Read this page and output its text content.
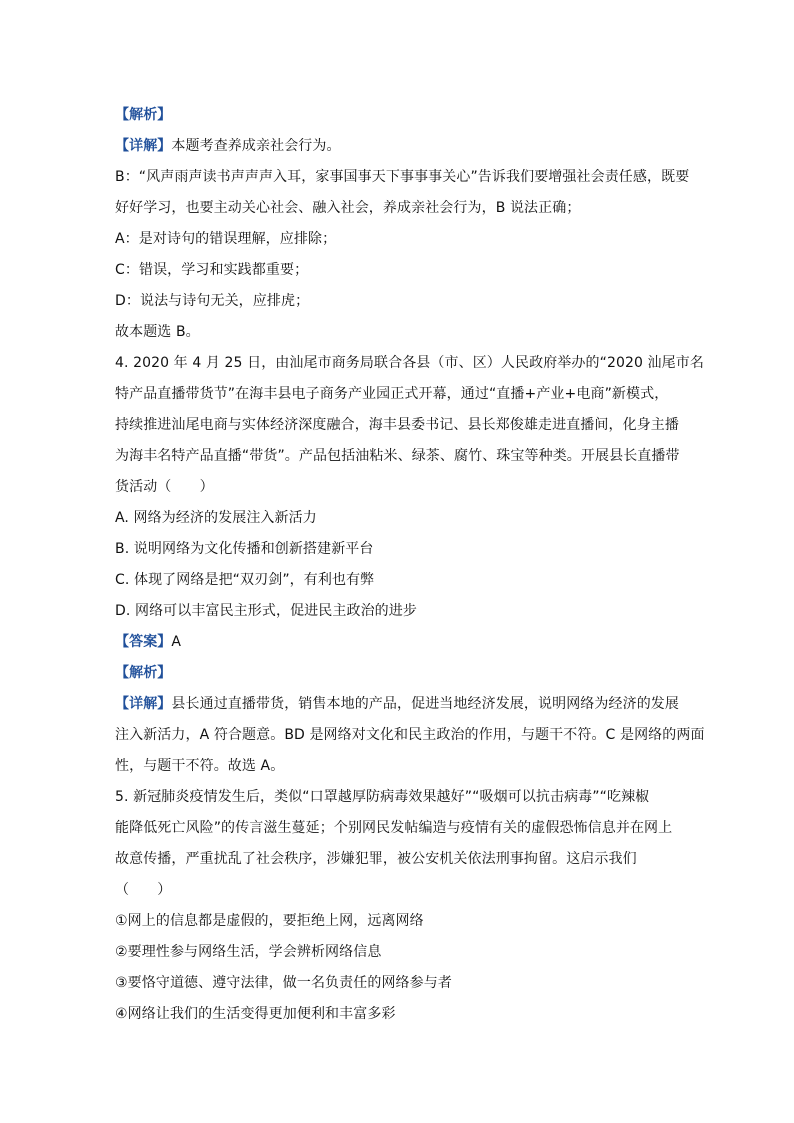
【解析】
【详解】本题考查养成亲社会行为。
B：“风声雨声读书声声声入耳，家事国事天下事事事关心”告诉我们要增强社会责任感，既要
好好学习，也要主动关心社会、融入社会，养成亲社会行为，B 说法正确；
A：是对诗句的错误理解，应排除；
C：错误，学习和实践都重要；
D：说法与诗句无关，应排虎；
故本题选 B。
4. 2020 年 4 月 25 日，由汕尾市商务局联合各县（市、区）人民政府举办的“2020 汕尾市名
特产品直播带货节”在海丰县电子商务产业园正式开幕，通过“直播+产业+电商”新模式，
持续推进汕尾电商与实体经济深度融合，海丰县委书记、县长郑俊雄走进直播间，化身主播
为海丰名特产品直播“带货”。产品包括油粘米、绿茶、腐竹、珠宝等种类。开展县长直播带
货活动（　　）
A. 网络为经济的发展注入新活力
B. 说明网络为文化传播和创新搭建新平台
C. 体现了网络是把“双刃剑”，有利也有弊
D. 网络可以丰富民主形式，促进民主政治的进步
【答案】A
【解析】
【详解】县长通过直播带货，销售本地的产品，促进当地经济发展，说明网络为经济的发展
注入新活力，A 符合题意。BD 是网络对文化和民主政治的作用，与题干不符。C 是网络的两面
性，与题干不符。故选 A。
5. 新冠肺炎疫情发生后，类似“口罩越厚防病毒效果越好”“吸烟可以抗击病毒”“吃辣椒
能降低死亡风险”的传言滋生蔓延；个别网民发帖编造与疫情有关的虚假恐怖信息并在网上
故意传播，严重扰乱了社会秩序，涉嫌犯罪，被公安机关依法刑事拘留。这启示我们
（　　）
①网上的信息都是虚假的，要拒绝上网，远离网络
②要理性参与网络生活，学会辨析网络信息
③要恪守道德、遵守法律，做一名负责任的网络参与者
④网络让我们的生活变得更加便利和丰富多彩
